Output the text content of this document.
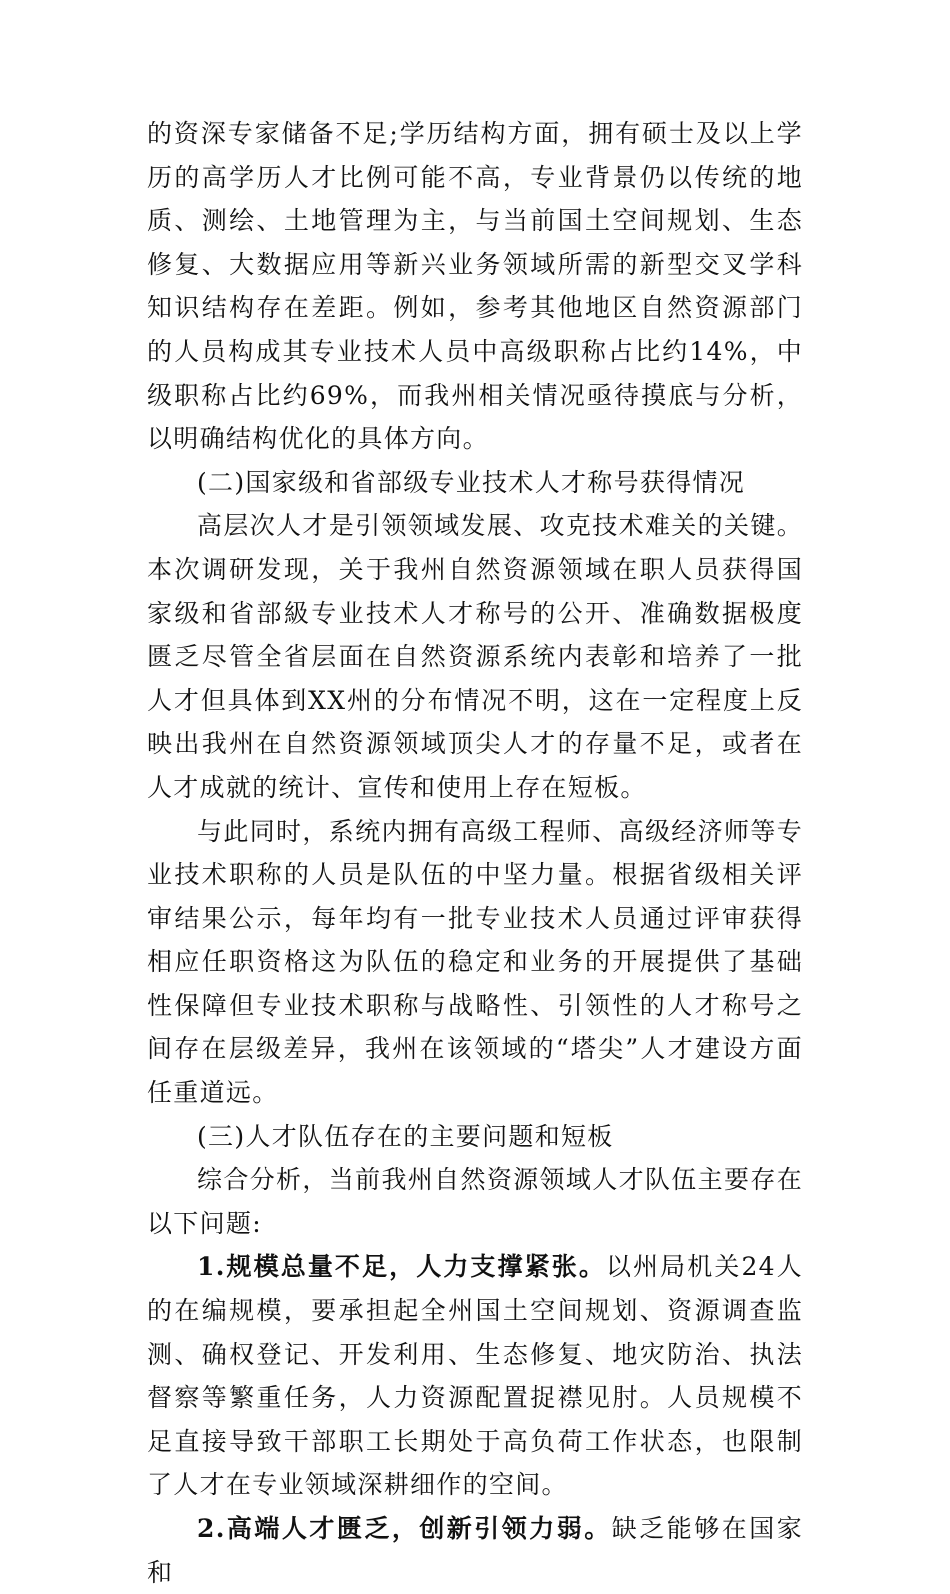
的资深专家储备不足;学历结构方面，拥有硕士及以上学历的高学历人才比例可能不高，专业背景仍以传统的地质、测绘、土地管理为主，与当前国土空间规划、生态修复、大数据应用等新兴业务领域所需的新型交叉学科知识结构存在差距。例如，参考其他地区自然资源部门的人员构成其专业技术人员中高级职称占比约14%，中级职称占比约69%，而我州相关情况亟待摸底与分析，以明确结构优化的具体方向。

(二)国家级和省部级专业技术人才称号获得情况

高层次人才是引领领域发展、攻克技术难关的关键。本次调研发现，关于我州自然资源领域在职人员获得国家级和省部級专业技术人才称号的公开、准确数据极度匮乏尽管全省层面在自然资源系统内表彰和培养了一批人才但具体到XX州的分布情况不明，这在一定程度上反映出我州在自然资源领域顶尖人才的存量不足，或者在人才成就的统计、宣传和使用上存在短板。

与此同时，系统内拥有高级工程师、高级经济师等专业技术职称的人员是队伍的中坚力量。根据省级相关评审结果公示，每年均有一批专业技术人员通过评审获得相应任职资格这为队伍的稳定和业务的开展提供了基础性保障但专业技术职称与战略性、引领性的人才称号之间存在层级差异，我州在该领域的“塔尖”人才建设方面任重道远。

(三)人才队伍存在的主要问题和短板

综合分析，当前我州自然资源领域人才队伍主要存在以下问题:

1.规模总量不足，人力支撑紧张。以州局机关24人的在编规模，要承担起全州国土空间规划、资源调查监测、确权登记、开发利用、生态修复、地灾防治、执法督察等繁重任务，人力资源配置捉襟见肘。人员规模不足直接导致干部职工长期处于高负荷工作状态，也限制了人才在专业领域深耕细作的空间。

2.高端人才匮乏，创新引领力弱。缺乏能够在国家和
